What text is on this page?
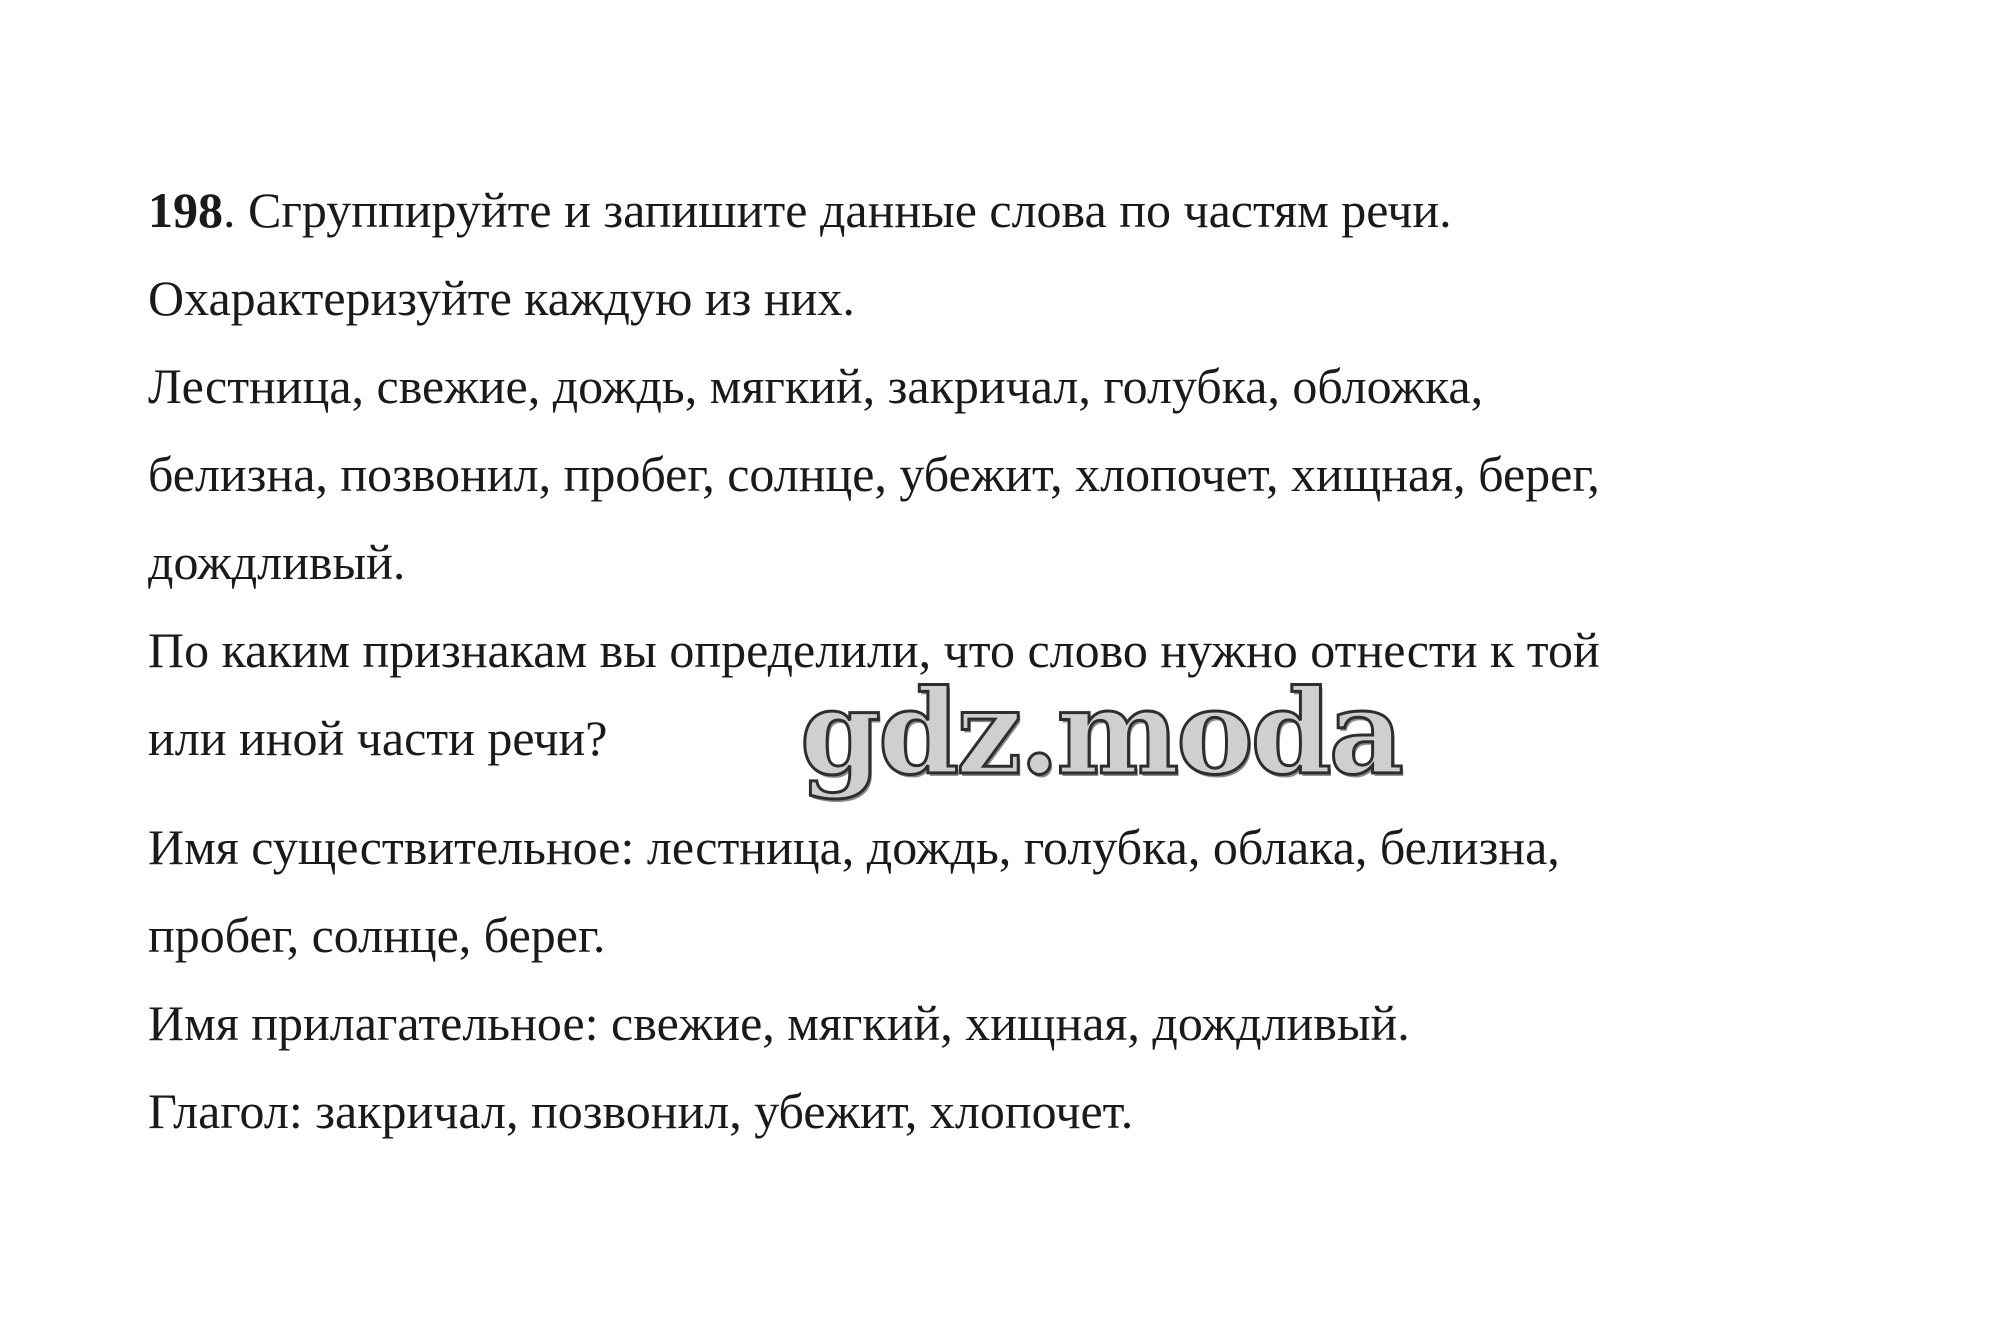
198. Сгруппируйте и запишите данные слова по частям речи.
Охарактеризуйте каждую из них.
Лестница, свежие, дождь, мягкий, закричал, голубка, обложка,
белизна, позвонил, пробег, солнце, убежит, хлопочет, хищная, берег,
дождливый.
По каким признакам вы определили, что слово нужно отнести к той
или иной части речи?	gdz.moda
Имя существительное: лестница, дождь, голубка, облака, белизна,
пробег, солнце, берег.
Имя прилагательное: свежие, мягкий, хищная, дождливый.
Глагол: закричал, позвонил, убежит, хлопочет.
